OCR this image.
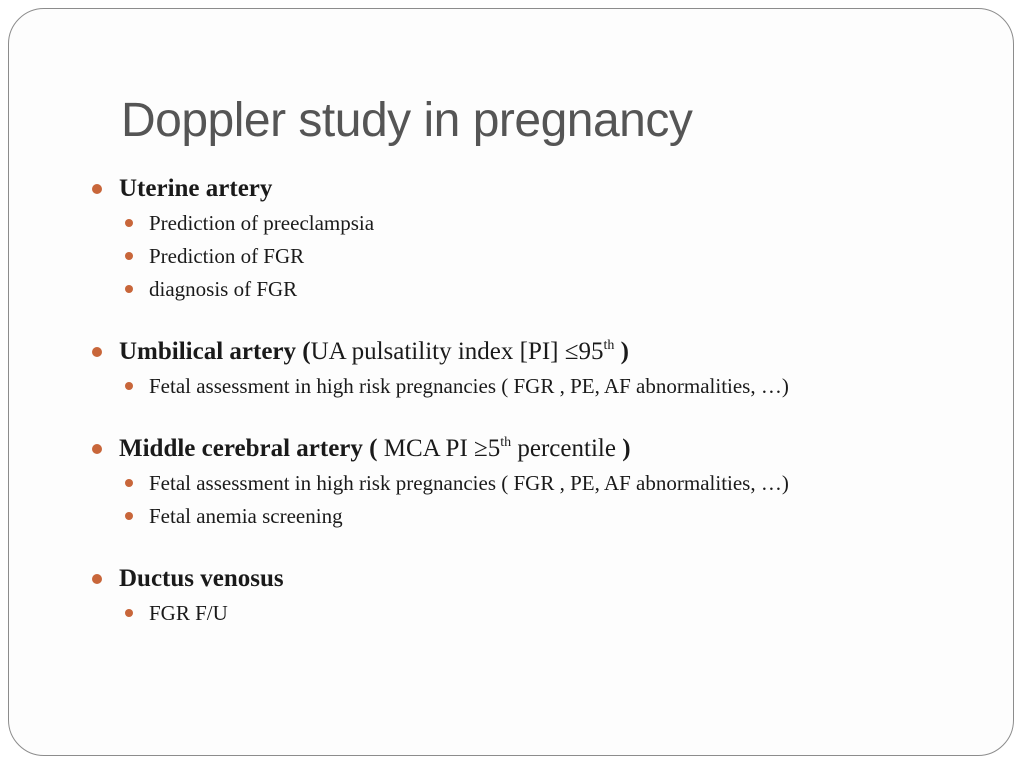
Doppler study in pregnancy
Uterine artery
Prediction of preeclampsia
Prediction of FGR
diagnosis of FGR
Umbilical artery (UA pulsatility index [PI] ≤95th )
Fetal assessment in high risk pregnancies ( FGR , PE, AF abnormalities, …)
Middle cerebral artery ( MCA PI ≥5th percentile )
Fetal assessment in high risk pregnancies ( FGR , PE, AF abnormalities, …)
Fetal anemia screening
Ductus venosus
FGR F/U
